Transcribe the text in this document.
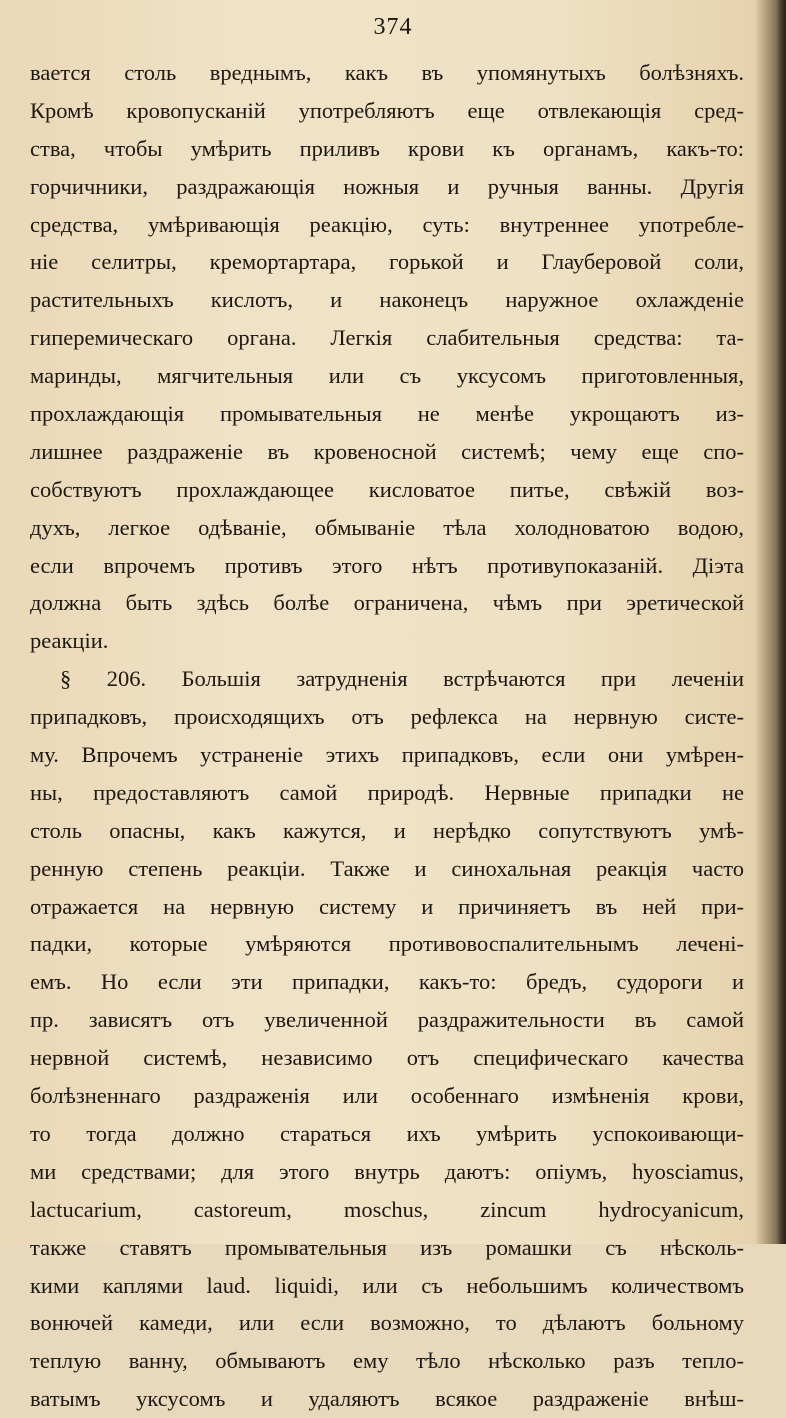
374
вается столь вреднымъ, какъ въ упомянутыхъ болѣзняхъ.
Кромѣ кровопусканій употребляютъ еще отвлекающія сред-
ства, чтобы умѣрить приливъ крови къ органамъ, какъ-то:
горчичники, раздражающія ножныя и ручныя ванны. Другія
средства, умѣривающія реакцію, суть: внутреннее употребле-
ніе селитры, кремортартара, горькой и Глауберовой соли,
растительныхъ кислотъ, и наконецъ наружное охлажденіе
гиперемическаго органа. Легкія слабительныя средства: та-
маринды, мягчительныя или съ уксусомъ приготовленныя,
прохлаждающія промывательныя не менѣе укрощаютъ из-
лишнее раздраженіе въ кровеносной системѣ; чему еще спо-
собствуютъ прохлаждающее кисловатое питье, свѣжій воз-
духъ, легкое одѣваніе, обмываніе тѣла холодноватою водою,
если впрочемъ противъ этого нѣтъ противупоказаній. Діэта
должна быть здѣсь болѣе ограничена, чѣмъ при эретической
реакціи.
§ 206. Большія затрудненія встрѣчаются при леченіи
припадковъ, происходящихъ отъ рефлекса на нервную систе-
му. Впрочемъ устраненіе этихъ припадковъ, если они умѣрен-
ны, предоставляютъ самой природѣ. Нервные припадки не
столь опасны, какъ кажутся, и нерѣдко сопутствуютъ умѣ-
ренную степень реакціи. Также и синохальная реакція часто
отражается на нервную систему и причиняетъ въ ней при-
падки, которые умѣряются противовоспалительнымъ лечені-
емъ. Но если эти припадки, какъ-то: бредъ, судороги и
пр. зависятъ отъ увеличенной раздражительности въ самой
нервной системѣ, независимо отъ специфическаго качества
болѣзненнаго раздраженія или особеннаго измѣненія крови,
то тогда должно стараться ихъ умѣрить успокоивающи-
ми средствами; для этого внутрь даютъ: опіумъ, hyosciamus,
lactucarium, castoreum, moschus, zincum hydrocyanicum,
также ставятъ промывательныя изъ ромашки съ нѣсколь-
кими каплями laud. liquidi, или съ небольшимъ количествомъ
вонючей камеди, или если возможно, то дѣлаютъ больному
теплую ванну, обмываютъ ему тѣло нѣсколько разъ тепло-
ватымъ уксусомъ и удаляютъ всякое раздраженіе внѣш-
